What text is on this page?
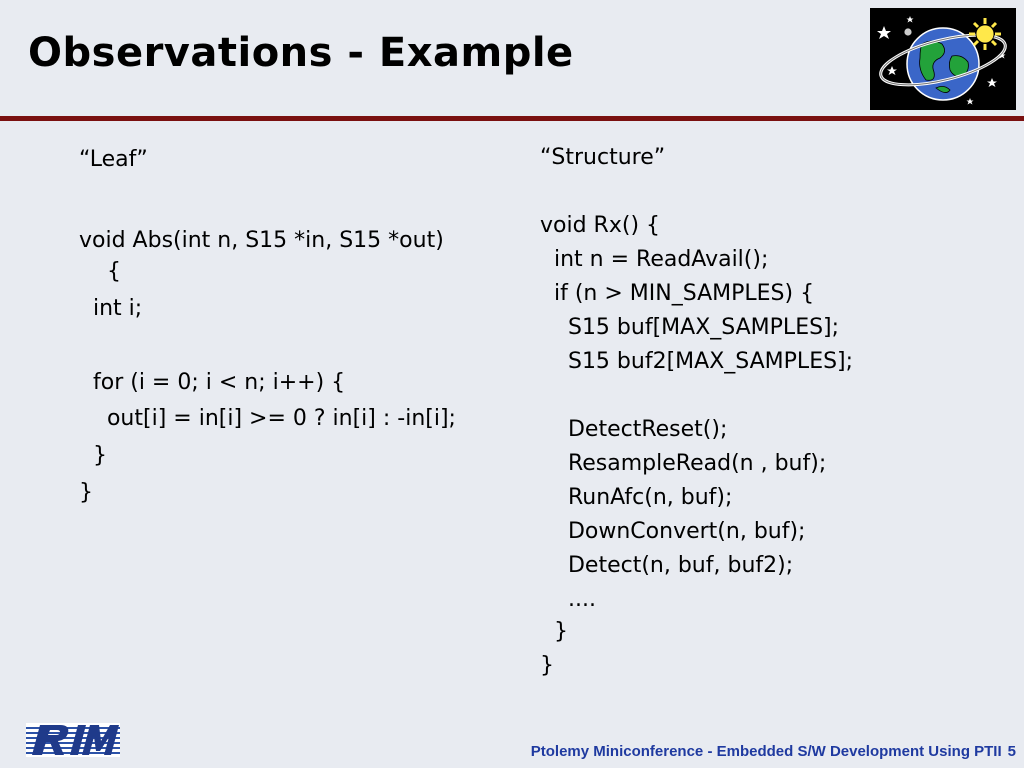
Observations - Example
“Leaf”
void Abs(int n, S15 *in, S15 *out)
{
int i;
for (i = 0; i < n; i++) {
out[i] = in[i] >= 0 ? in[i] : -in[i];
}
}
“Structure”
void Rx() {
int n = ReadAvail();
if (n > MIN_SAMPLES) {
S15 buf[MAX_SAMPLES];
S15 buf2[MAX_SAMPLES];
DetectReset();
ResampleRead(n , buf);
RunAfc(n, buf);
DownConvert(n, buf);
Detect(n, buf, buf2);
....
}
}
Ptolemy Miniconference - Embedded S/W Development Using PTII 5
